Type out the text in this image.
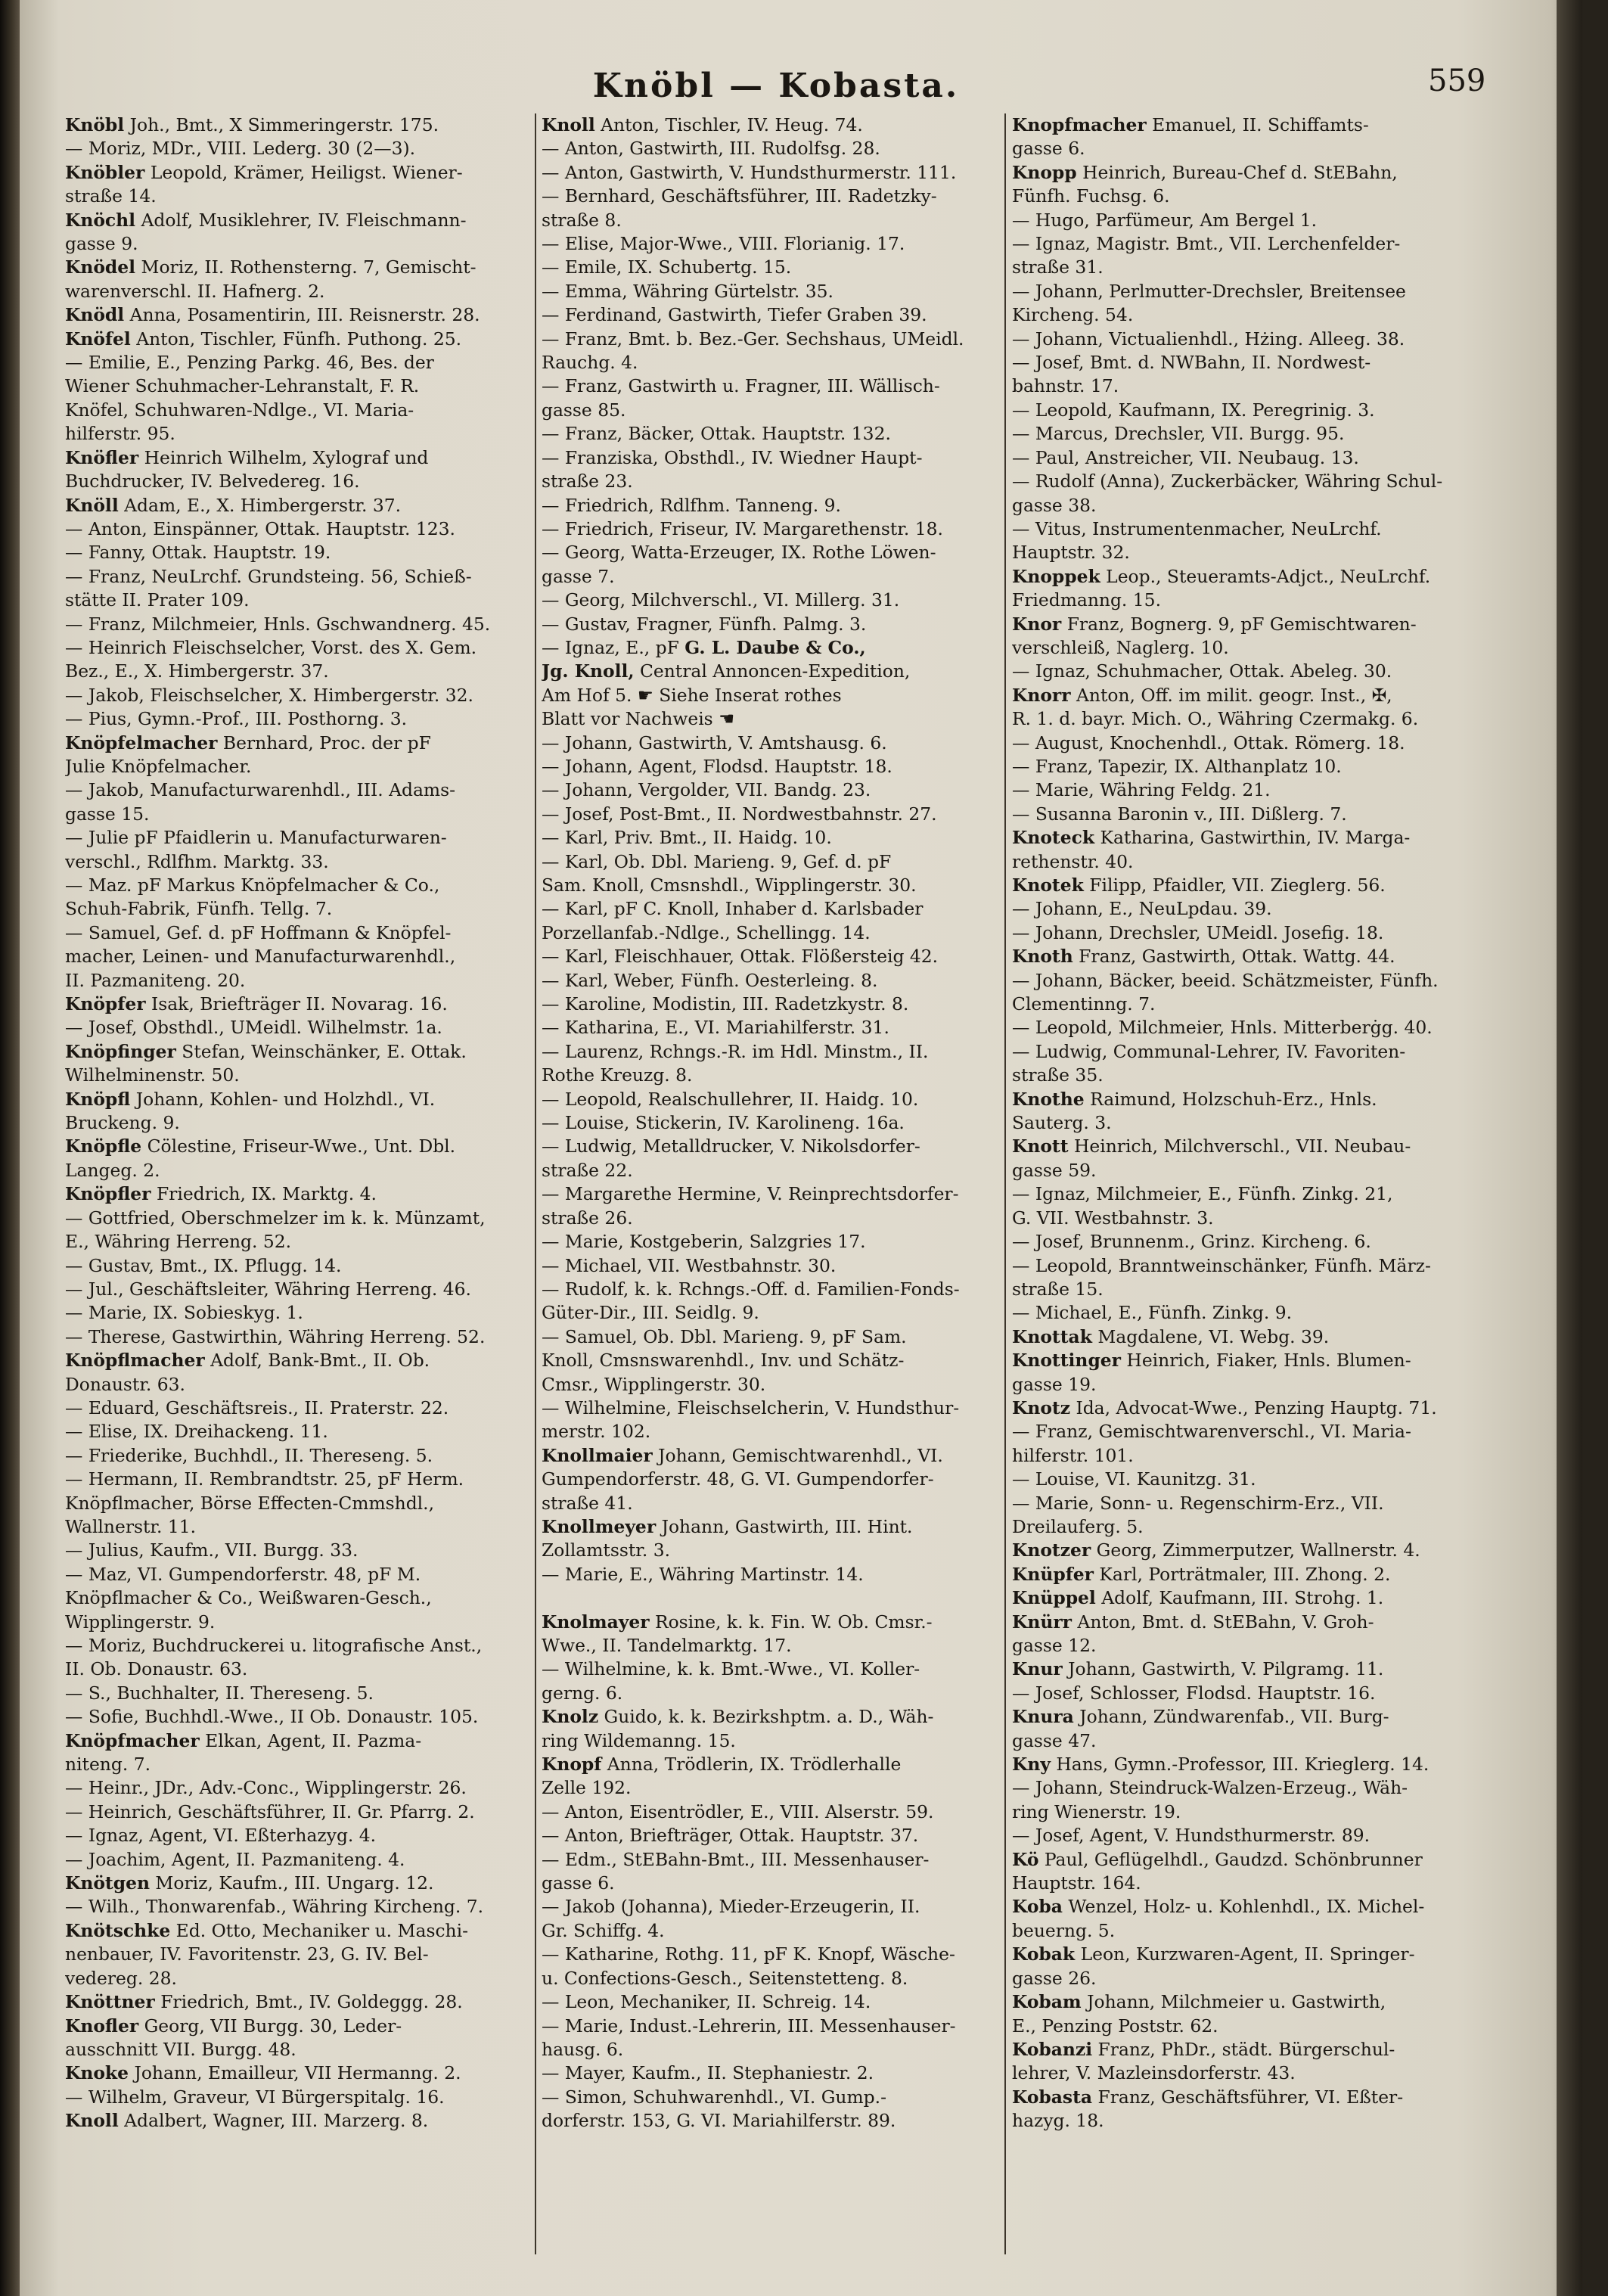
Knöbl — Kobasta.	559
Knöbl Joh., Bmt., X Simmeringerstr. 175.
— Moriz, MDr., VIII. Lederg. 30 (2—3).
Knöbler Leopold, Krämer, Heiligst. Wiener-
straße 14.
Knöchl Adolf, Musiklehrer, IV. Fleischmann-
gasse 9.
Knödel Moriz, II. Rothensterng. 7, Gemischt-
warenverschl. II. Hafnerg. 2.
Knödl Anna, Posamentirin, III. Reisnerstr. 28.
Knöfel Anton, Tischler, Fünfh. Puthong. 25.
— Emilie, E., Penzing Parkg. 46, Bes. der
Wiener Schuhmacher-Lehranstalt, F. R.
Knöfel, Schuhwaren-Ndlge., VI. Maria-
hilferstr. 95.
Knöfler Heinrich Wilhelm, Xylograf und
Buchdrucker, IV. Belvedereg. 16.
Knöll Adam, E., X. Himbergerstr. 37.
— Anton, Einspänner, Ottak. Hauptstr. 123.
— Fanny, Ottak. Hauptstr. 19.
— Franz, NeuLrchf. Grundsteing. 56, Schieß-
stätte II. Prater 109.
— Franz, Milchmeier, Hnls. Gschwandnerg. 45.
— Heinrich Fleischselcher, Vorst. des X. Gem.
Bez., E., X. Himbergerstr. 37.
— Jakob, Fleischselcher, X. Himbergerstr. 32.
— Pius, Gymn.-Prof., III. Posthorng. 3.
Knöpfelmacher Bernhard, Proc. der pF
Julie Knöpfelmacher.
— Jakob, Manufacturwarenhdl., III. Adams-
gasse 15.
— Julie pF Pfaidlerin u. Manufacturwaren-
verschl., Rdlfhm. Marktg. 33.
— Maz. pF Markus Knöpfelmacher & Co.,
Schuh-Fabrik, Fünfh. Tellg. 7.
— Samuel, Gef. d. pF Hoffmann & Knöpfel-
macher, Leinen- und Manufacturwarenhdl.,
II. Pazmaniteng. 20.
Knöpfer Isak, Briefträger II. Novarag. 16.
— Josef, Obsthdl., UMeidl. Wilhelmstr. 1a.
Knöpfinger Stefan, Weinschänker, E. Ottak.
Wilhelminenstr. 50.
Knöpfl Johann, Kohlen- und Holzhdl., VI.
Bruckeng. 9.
Knöpfle Cölestine, Friseur-Wwe., Unt. Dbl.
Langeg. 2.
Knöpfler Friedrich, IX. Marktg. 4.
— Gottfried, Oberschmelzer im k. k. Münzamt,
E., Währing Herreng. 52.
— Gustav, Bmt., IX. Pflugg. 14.
— Jul., Geschäftsleiter, Währing Herreng. 46.
— Marie, IX. Sobieskyg. 1.
— Therese, Gastwirthin, Währing Herreng. 52.
Knöpflmacher Adolf, Bank-Bmt., II. Ob.
Donaustr. 63.
— Eduard, Geschäftsreis., II. Praterstr. 22.
— Elise, IX. Dreihackeng. 11.
— Friederike, Buchhdl., II. Thereseng. 5.
— Hermann, II. Rembrandtstr. 25, pF Herm.
Knöpflmacher, Börse Effecten-Cmmshdl.,
Wallnerstr. 11.
— Julius, Kaufm., VII. Burgg. 33.
— Maz, VI. Gumpendorferstr. 48, pF M.
Knöpflmacher & Co., Weißwaren-Gesch.,
Wipplingerstr. 9.
— Moriz, Buchdruckerei u. litografische Anst.,
II. Ob. Donaustr. 63.
— S., Buchhalter, II. Thereseng. 5.
— Sofie, Buchhdl.-Wwe., II Ob. Donaustr. 105.
Knöpfmacher Elkan, Agent, II. Pazma-
niteng. 7.
— Heinr., JDr., Adv.-Conc., Wipplingerstr. 26.
— Heinrich, Geschäftsführer, II. Gr. Pfarrg. 2.
— Ignaz, Agent, VI. Eßterhazyg. 4.
— Joachim, Agent, II. Pazmaniteng. 4.
Knötgen Moriz, Kaufm., III. Ungarg. 12.
— Wilh., Thonwarenfab., Währing Kircheng. 7.
Knötschke Ed. Otto, Mechaniker u. Maschi-
nenbauer, IV. Favoritenstr. 23, G. IV. Bel-
vedereg. 28.
Knöttner Friedrich, Bmt., IV. Goldeggg. 28.
Knofler Georg, VII Burgg. 30, Leder-
ausschnitt VII. Burgg. 48.
Knoke Johann, Emailleur, VII Hermanng. 2.
— Wilhelm, Graveur, VI Bürgerspitalg. 16.
Knoll Adalbert, Wagner, III. Marzerg. 8.
Knoll Anton, Tischler, IV. Heug. 74.
— Anton, Gastwirth, III. Rudolfsg. 28.
— Anton, Gastwirth, V. Hundsthurmerstr. 111.
— Bernhard, Geschäftsführer, III. Radetzky-
straße 8.
— Elise, Major-Wwe., VIII. Florianig. 17.
— Emile, IX. Schubertg. 15.
— Emma, Währing Gürtelstr. 35.
— Ferdinand, Gastwirth, Tiefer Graben 39.
— Franz, Bmt. b. Bez.-Ger. Sechshaus, UMeidl.
Rauchg. 4.
— Franz, Gastwirth u. Fragner, III. Wällisch-
gasse 85.
— Franz, Bäcker, Ottak. Hauptstr. 132.
— Franziska, Obsthdl., IV. Wiedner Haupt-
straße 23.
— Friedrich, Rdlfhm. Tanneng. 9.
— Friedrich, Friseur, IV. Margarethenstr. 18.
— Georg, Watta-Erzeuger, IX. Rothe Löwen-
gasse 7.
— Georg, Milchverschl., VI. Millerg. 31.
— Gustav, Fragner, Fünfh. Palmg. 3.
— Ignaz, E., pF G. L. Daube & Co.,
Jg. Knoll, Central Annoncen-Expedition,
Am Hof 5. ☛ Siehe Inserat rothes
Blatt vor Nachweis ☚
— Johann, Gastwirth, V. Amtshausg. 6.
— Johann, Agent, Flodsd. Hauptstr. 18.
— Johann, Vergolder, VII. Bandg. 23.
— Josef, Post-Bmt., II. Nordwestbahnstr. 27.
— Karl, Priv. Bmt., II. Haidg. 10.
— Karl, Ob. Dbl. Marieng. 9, Gef. d. pF
Sam. Knoll, Cmsnshdl., Wipplingerstr. 30.
— Karl, pF C. Knoll, Inhaber d. Karlsbader
Porzellanfab.-Ndlge., Schellingg. 14.
— Karl, Fleischhauer, Ottak. Flößersteig 42.
— Karl, Weber, Fünfh. Oesterleing. 8.
— Karoline, Modistin, III. Radetzkystr. 8.
— Katharina, E., VI. Mariahilferstr. 31.
— Laurenz, Rchngs.-R. im Hdl. Minstm., II.
Rothe Kreuzg. 8.
— Leopold, Realschullehrer, II. Haidg. 10.
— Louise, Stickerin, IV. Karolineng. 16a.
— Ludwig, Metalldrucker, V. Nikolsdorfer-
straße 22.
— Margarethe Hermine, V. Reinprechtsdorfer-
straße 26.
— Marie, Kostgeberin, Salzgries 17.
— Michael, VII. Westbahnstr. 30.
— Rudolf, k. k. Rchngs.-Off. d. Familien-Fonds-
Güter-Dir., III. Seidlg. 9.
— Samuel, Ob. Dbl. Marieng. 9, pF Sam.
Knoll, Cmsnswarenhdl., Inv. und Schätz-
Cmsr., Wipplingerstr. 30.
— Wilhelmine, Fleischselcherin, V. Hundsthur-
merstr. 102.
Knollmaier Johann, Gemischtwarenhdl., VI.
Gumpendorferstr. 48, G. VI. Gumpendorfer-
straße 41.
Knollmeyer Johann, Gastwirth, III. Hint.
Zollamtsstr. 3.
— Marie, E., Währing Martinstr. 14.

Knolmayer Rosine, k. k. Fin. W. Ob. Cmsr.-
Wwe., II. Tandelmarktg. 17.
— Wilhelmine, k. k. Bmt.-Wwe., VI. Koller-
gerng. 6.
Knolz Guido, k. k. Bezirkshptm. a. D., Wäh-
ring Wildemanng. 15.
Knopf Anna, Trödlerin, IX. Trödlerhalle
Zelle 192.
— Anton, Eisentrödler, E., VIII. Alserstr. 59.
— Anton, Briefträger, Ottak. Hauptstr. 37.
— Edm., StEBahn-Bmt., III. Messenhauser-
gasse 6.
— Jakob (Johanna), Mieder-Erzeugerin, II.
Gr. Schiffg. 4.
— Katharine, Rothg. 11, pF K. Knopf, Wäsche-
u. Confections-Gesch., Seitenstetteng. 8.
— Leon, Mechaniker, II. Schreig. 14.
— Marie, Indust.-Lehrerin, III. Messenhauser-
hausg. 6.
— Mayer, Kaufm., II. Stephaniestr. 2.
— Simon, Schuhwarenhdl., VI. Gump.-
dorferstr. 153, G. VI. Mariahilferstr. 89.
Knopfmacher Emanuel, II. Schiffamts-
gasse 6.
Knopp Heinrich, Bureau-Chef d. StEBahn,
Fünfh. Fuchsg. 6.
— Hugo, Parfümeur, Am Bergel 1.
— Ignaz, Magistr. Bmt., VII. Lerchenfelder-
straße 31.
— Johann, Perlmutter-Drechsler, Breitensee
Kircheng. 54.
— Johann, Victualienhdl., Hżing. Alleeg. 38.
— Josef, Bmt. d. NWBahn, II. Nordwest-
bahnstr. 17.
— Leopold, Kaufmann, IX. Peregrinig. 3.
— Marcus, Drechsler, VII. Burgg. 95.
— Paul, Anstreicher, VII. Neubaug. 13.
— Rudolf (Anna), Zuckerbäcker, Währing Schul-
gasse 38.
— Vitus, Instrumentenmacher, NeuLrchf.
Hauptstr. 32.
Knoppek Leop., Steueramts-Adjct., NeuLrchf.
Friedmanng. 15.
Knor Franz, Bognerg. 9, pF Gemischtwaren-
verschleiß, Naglerg. 10.
— Ignaz, Schuhmacher, Ottak. Abeleg. 30.
Knorr Anton, Off. im milit. geogr. Inst., ✠,
R. 1. d. bayr. Mich. O., Währing Czermakg. 6.
— August, Knochenhdl., Ottak. Römerg. 18.
— Franz, Tapezir, IX. Althanplatz 10.
— Marie, Währing Feldg. 21.
— Susanna Baronin v., III. Dißlerg. 7.
Knoteck Katharina, Gastwirthin, IV. Marga-
rethenstr. 40.
Knotek Filipp, Pfaidler, VII. Zieglerg. 56.
— Johann, E., NeuLpdau. 39.
— Johann, Drechsler, UMeidl. Josefig. 18.
Knoth Franz, Gastwirth, Ottak. Wattg. 44.
— Johann, Bäcker, beeid. Schätzmeister, Fünfh.
Clementinng. 7.
— Leopold, Milchmeier, Hnls. Mitterberġg. 40.
— Ludwig, Communal-Lehrer, IV. Favoriten-
straße 35.
Knothe Raimund, Holzschuh-Erz., Hnls.
Sauterg. 3.
Knott Heinrich, Milchverschl., VII. Neubau-
gasse 59.
— Ignaz, Milchmeier, E., Fünfh. Zinkg. 21,
G. VII. Westbahnstr. 3.
— Josef, Brunnenm., Grinz. Kircheng. 6.
— Leopold, Branntweinschänker, Fünfh. März-
straße 15.
— Michael, E., Fünfh. Zinkg. 9.
Knottak Magdalene, VI. Webg. 39.
Knottinger Heinrich, Fiaker, Hnls. Blumen-
gasse 19.
Knotz Ida, Advocat-Wwe., Penzing Hauptg. 71.
— Franz, Gemischtwarenverschl., VI. Maria-
hilferstr. 101.
— Louise, VI. Kaunitzg. 31.
— Marie, Sonn- u. Regenschirm-Erz., VII.
Dreilauferg. 5.
Knotzer Georg, Zimmerputzer, Wallnerstr. 4.
Knüpfer Karl, Porträtmaler, III. Zhong. 2.
Knüppel Adolf, Kaufmann, III. Strohg. 1.
Knürr Anton, Bmt. d. StEBahn, V. Groh-
gasse 12.
Knur Johann, Gastwirth, V. Pilgramg. 11.
— Josef, Schlosser, Flodsd. Hauptstr. 16.
Knura Johann, Zündwarenfab., VII. Burg-
gasse 47.
Kny Hans, Gymn.-Professor, III. Krieglerg. 14.
— Johann, Steindruck-Walzen-Erzeug., Wäh-
ring Wienerstr. 19.
— Josef, Agent, V. Hundsthurmerstr. 89.
Kö Paul, Geflügelhdl., Gaudzd. Schönbrunner
Hauptstr. 164.
Koba Wenzel, Holz- u. Kohlenhdl., IX. Michel-
beuerng. 5.
Kobak Leon, Kurzwaren-Agent, II. Springer-
gasse 26.
Kobam Johann, Milchmeier u. Gastwirth,
E., Penzing Poststr. 62.
Kobanzi Franz, PhDr., städt. Bürgerschul-
lehrer, V. Mazleinsdorferstr. 43.
Kobasta Franz, Geschäftsführer, VI. Eßter-
hazyg. 18.
